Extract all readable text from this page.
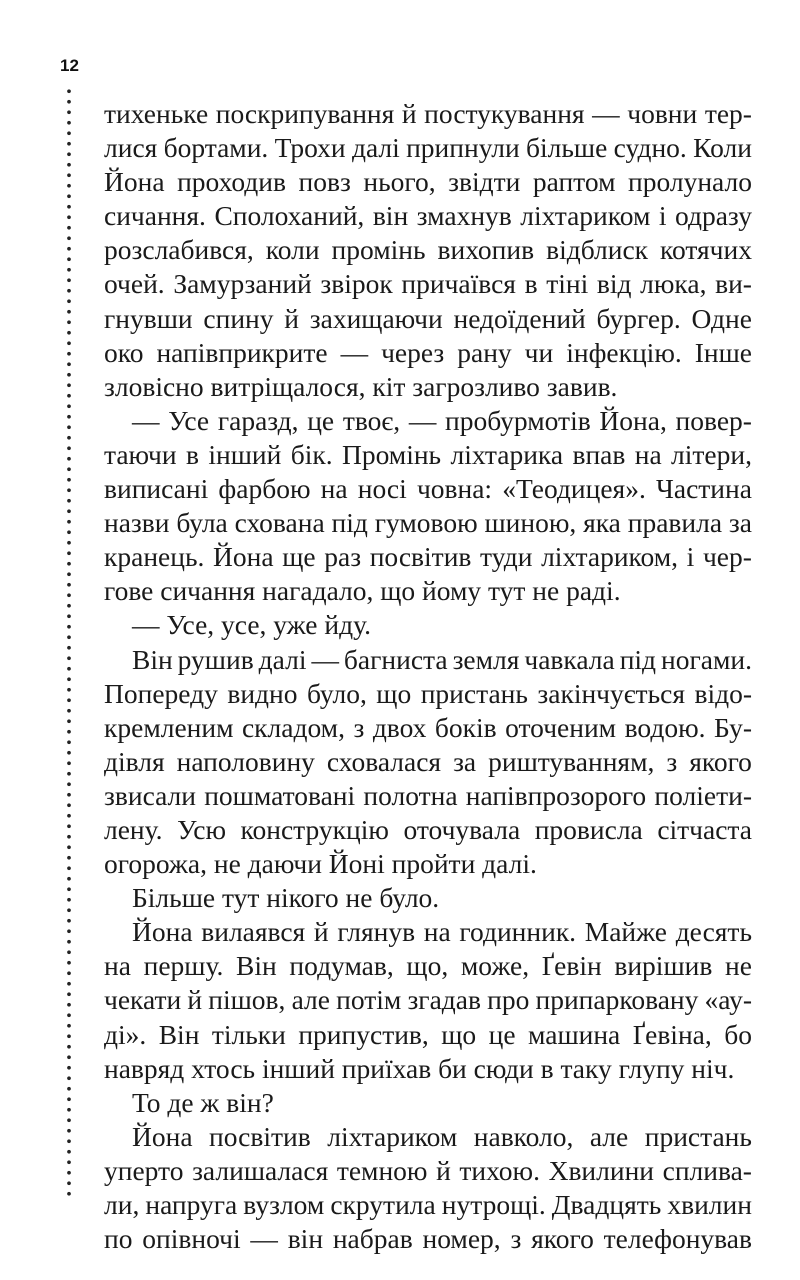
12
тихеньке поскрипування й постукування — човни тер-
лися бортами. Трохи далі припнули більше судно. Коли
Йона проходив повз нього, звідти раптом пролунало
сичання. Сполоханий, він змахнув ліхтариком і одразу
розслабився, коли промінь вихопив відблиск котячих
очей. Замурзаний звірок причаївся в тіні від люка, ви-
гнувши спину й захищаючи недоїдений бургер. Одне
око напівприкрите — через рану чи інфекцію. Інше
зловісно витріщалося, кіт загрозливо завив.
— Усе гаразд, це твоє, — пробурмотів Йона, повер-
таючи в інший бік. Промінь ліхтарика впав на літери,
виписані фарбою на носі човна: «Теодицея». Частина
назви була схована під гумовою шиною, яка правила за
кранець. Йона ще раз посвітив туди ліхтариком, і чер-
гове сичання нагадало, що йому тут не раді.
— Усе, усе, уже йду.
Він рушив далі — багниста земля чавкала під ногами.
Попереду видно було, що пристань закінчується відо-
кремленим складом, з двох боків оточеним водою. Бу-
дівля наполовину сховалася за риштуванням, з якого
звисали пошматовані полотна напівпрозорого поліети-
лену. Усю конструкцію оточувала провисла сітчаста
огорожа, не даючи Йоні пройти далі.
Більше тут нікого не було.
Йона вилаявся й глянув на годинник. Майже десять
на першу. Він подумав, що, може, Ґевін вирішив не
чекати й пішов, але потім згадав про припарковану «ау-
ді». Він тільки припустив, що це машина Ґевіна, бо
навряд хтось інший приїхав би сюди в таку глупу ніч.
То де ж він?
Йона посвітив ліхтариком навколо, але пристань
уперто залишалася темною й тихою. Хвилини сплива-
ли, напруга вузлом скрутила нутрощі. Двадцять хвилин
по опівночі — він набрав номер, з якого телефонував
